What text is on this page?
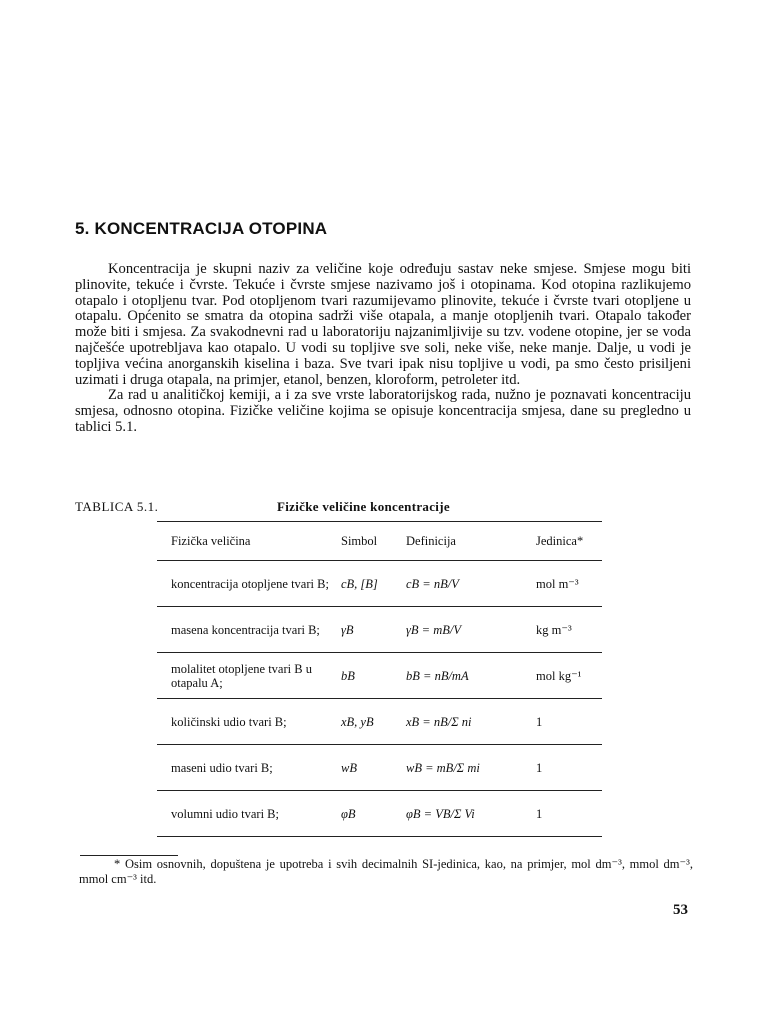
5. KONCENTRACIJA OTOPINA

Koncentracija je skupni naziv za veličine koje određuju sastav neke smjese. Smjese mogu biti plinovite, tekuće i čvrste. Tekuće i čvrste smjese nazivamo još i otopinama. Kod otopina razlikujemo otapalo i otopljenu tvar. Pod otopljenom tvari razumijevamo plinovite, tekuće i čvrste tvari otopljene u otapalu. Općenito se smatra da otopina sadrži više otapala, a manje otopljenih tvari. Otapalo također može biti i smjesa. Za svakodnevni rad u laboratoriju najzanimljivije su tzv. vodene otopine, jer se voda najčešće upotrebljava kao otapalo. U vodi su topljive sve soli, neke više, neke manje. Dalje, u vodi je topljiva većina anorganskih kiselina i baza. Sve tvari ipak nisu topljive u vodi, pa smo često prisiljeni uzimati i druga otapala, na primjer, etanol, benzen, kloroform, petroleter itd.

Za rad u analitičkoj kemiji, a i za sve vrste laboratorijskog rada, nužno je poznavati koncentraciju smjesa, odnosno otopina. Fizičke veličine kojima se opisuje koncentracija smjesa, dane su pregledno u tablici 5.1.

TABLICA 5.1.	Fizičke veličine koncentracije
Fizička veličina	Simbol	Definicija	Jedinica*
koncentracija otopljene tvari B;	cB, [B]	cB = nB/V	mol m⁻³
masena koncentracija tvari B;	γB	γB = mB/V	kg m⁻³
molalitet otopljene tvari B u otapalu A;	bB	bB = nB/mA	mol kg⁻¹
količinski udio tvari B;	xB, yB	xB = nB/Σ ni	1
maseni udio tvari B;	wB	wB = mB/Σ mi	1
volumni udio tvari B;	φB	φB = VB/Σ Vi	1

* Osim osnovnih, dopuštena je upotreba i svih decimalnih SI-jedinica, kao, na primjer, mol dm⁻³, mmol dm⁻³, mmol cm⁻³ itd.

53
